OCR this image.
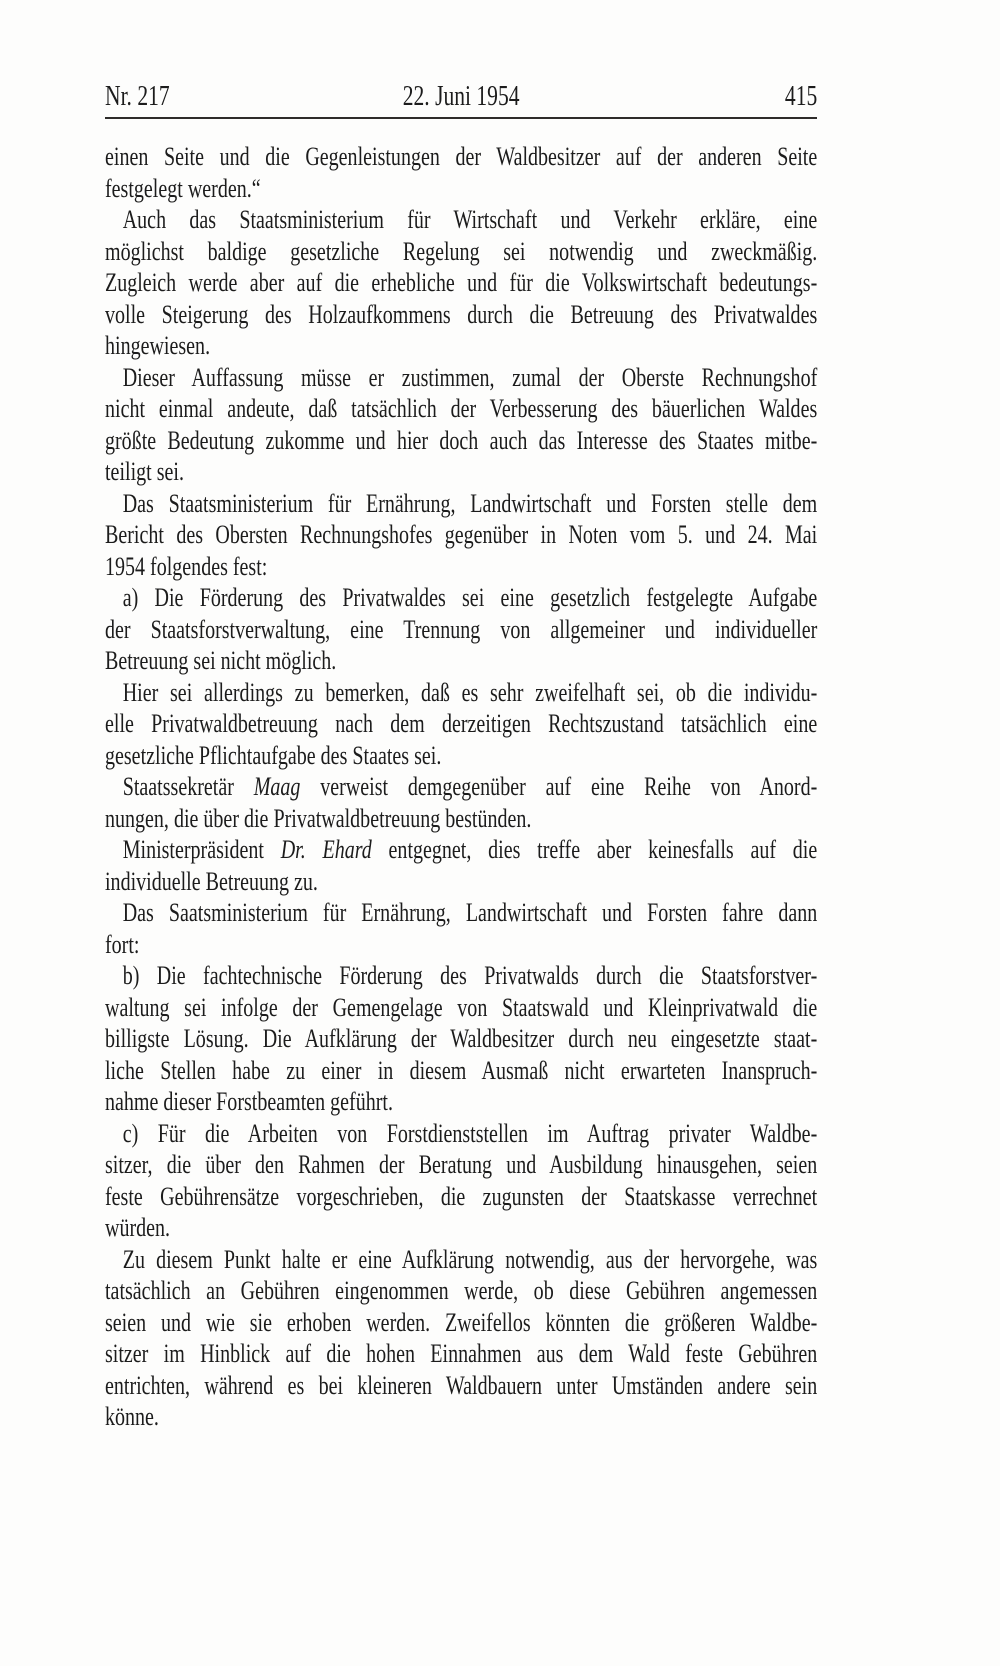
Nr. 217	22. Juni 1954	415
einen Seite und die Gegenleistungen der Waldbesitzer auf der anderen Seite
festgelegt werden.“
Auch das Staatsministerium für Wirtschaft und Verkehr erkläre, eine
möglichst baldige gesetzliche Regelung sei notwendig und zweckmäßig.
Zugleich werde aber auf die erhebliche und für die Volkswirtschaft bedeutungs-
volle Steigerung des Holzaufkommens durch die Betreuung des Privatwaldes
hingewiesen.
Dieser Auffassung müsse er zustimmen, zumal der Oberste Rechnungshof
nicht einmal andeute, daß tatsächlich der Verbesserung des bäuerlichen Waldes
größte Bedeutung zukomme und hier doch auch das Interesse des Staates mitbe-
teiligt sei.
Das Staatsministerium für Ernährung, Landwirtschaft und Forsten stelle dem
Bericht des Obersten Rechnungshofes gegenüber in Noten vom 5. und 24. Mai
1954 folgendes fest:
a) Die Förderung des Privatwaldes sei eine gesetzlich festgelegte Aufgabe
der Staatsforstverwaltung, eine Trennung von allgemeiner und individueller
Betreuung sei nicht möglich.
Hier sei allerdings zu bemerken, daß es sehr zweifelhaft sei, ob die individu-
elle Privatwaldbetreuung nach dem derzeitigen Rechtszustand tatsächlich eine
gesetzliche Pflichtaufgabe des Staates sei.
Staatssekretär Maag verweist demgegenüber auf eine Reihe von Anord-
nungen, die über die Privatwaldbetreuung bestünden.
Ministerpräsident Dr. Ehard entgegnet, dies treffe aber keinesfalls auf die
individuelle Betreuung zu.
Das Saatsministerium für Ernährung, Landwirtschaft und Forsten fahre dann
fort:
b) Die fachtechnische Förderung des Privatwalds durch die Staatsforstver-
waltung sei infolge der Gemengelage von Staatswald und Kleinprivatwald die
billigste Lösung. Die Aufklärung der Waldbesitzer durch neu eingesetzte staat-
liche Stellen habe zu einer in diesem Ausmaß nicht erwarteten Inanspruch-
nahme dieser Forstbeamten geführt.
c) Für die Arbeiten von Forstdienststellen im Auftrag privater Waldbe-
sitzer, die über den Rahmen der Beratung und Ausbildung hinausgehen, seien
feste Gebührensätze vorgeschrieben, die zugunsten der Staatskasse verrechnet
würden.
Zu diesem Punkt halte er eine Aufklärung notwendig, aus der hervorgehe, was
tatsächlich an Gebühren eingenommen werde, ob diese Gebühren angemessen
seien und wie sie erhoben werden. Zweifellos könnten die größeren Waldbe-
sitzer im Hinblick auf die hohen Einnahmen aus dem Wald feste Gebühren
entrichten, während es bei kleineren Waldbauern unter Umständen andere sein
könne.
